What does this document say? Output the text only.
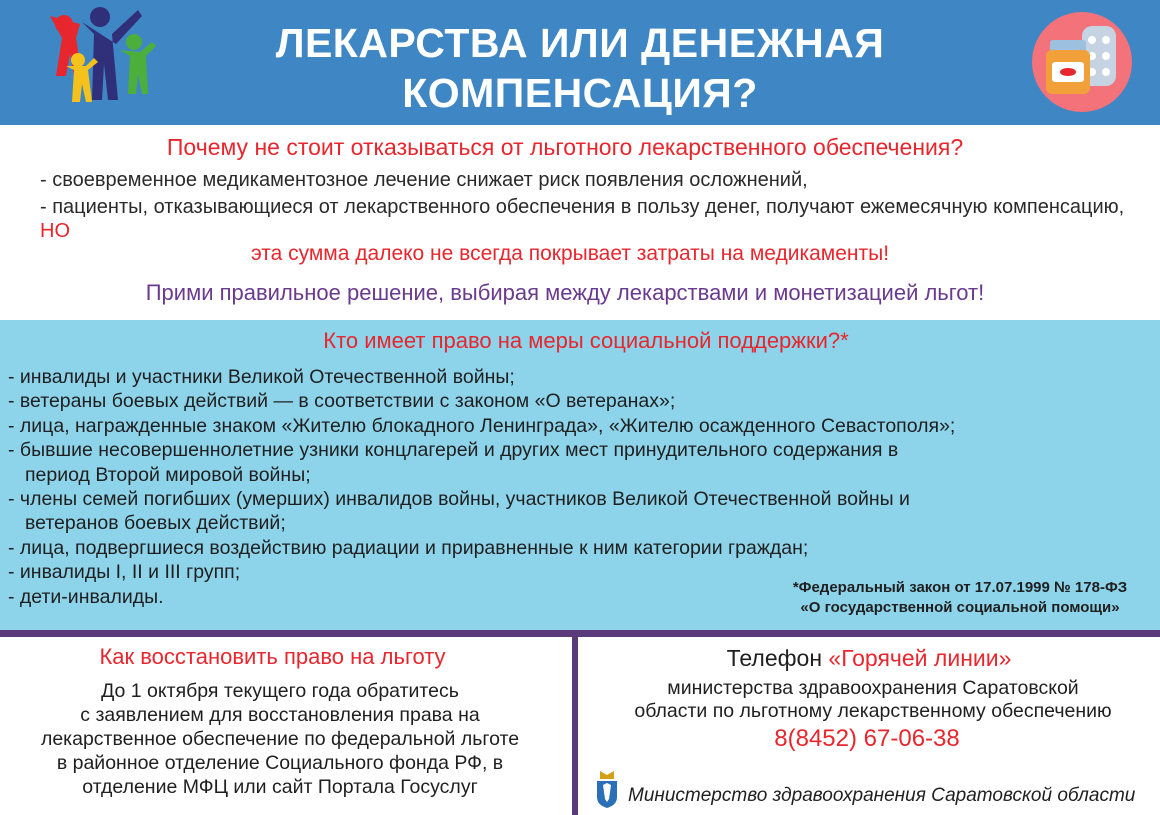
ЛЕКАРСТВА ИЛИ ДЕНЕЖНАЯ
КОМПЕНСАЦИЯ?
Почему не стоит отказываться от льготного лекарственного обеспечения?
- своевременное медикаментозное лечение снижает риск появления осложнений,
- пациенты, отказывающиеся от лекарственного обеспечения в пользу денег, получают ежемесячную компенсацию, НО
эта сумма далеко не всегда покрывает затраты на медикаменты!
Прими правильное решение, выбирая между лекарствами и монетизацией льгот!
Кто имеет право на меры социальной поддержки?*
- инвалиды и участники Великой Отечественной войны;
- ветераны боевых действий — в соответствии с законом «О ветеранах»;
- лица, награжденные знаком «Жителю блокадного Ленинграда», «Жителю осажденного Севастополя»;
- бывшие несовершеннолетние узники концлагерей и других мест принудительного содержания в
период Второй мировой войны;
- члены семей погибших (умерших) инвалидов войны, участников Великой Отечественной войны и
ветеранов боевых действий;
- лица, подвергшиеся воздействию радиации и приравненные к ним категории граждан;
- инвалиды I, II и III групп;
- дети-инвалиды.	*Федеральный закон от 17.07.1999 № 178-ФЗ
«О государственной социальной помощи»
Как восстановить право на льготу
До 1 октября текущего года обратитесь
с заявлением для восстановления права на
лекарственное обеспечение по федеральной льготе
в районное отделение Социального фонда РФ, в
отделение МФЦ или сайт Портала Госуслуг
Телефон «Горячей линии»
министерства здравоохранения Саратовской
области по льготному лекарственному обеспечению
8(8452) 67-06-38
Министерство здравоохранения Саратовской области
